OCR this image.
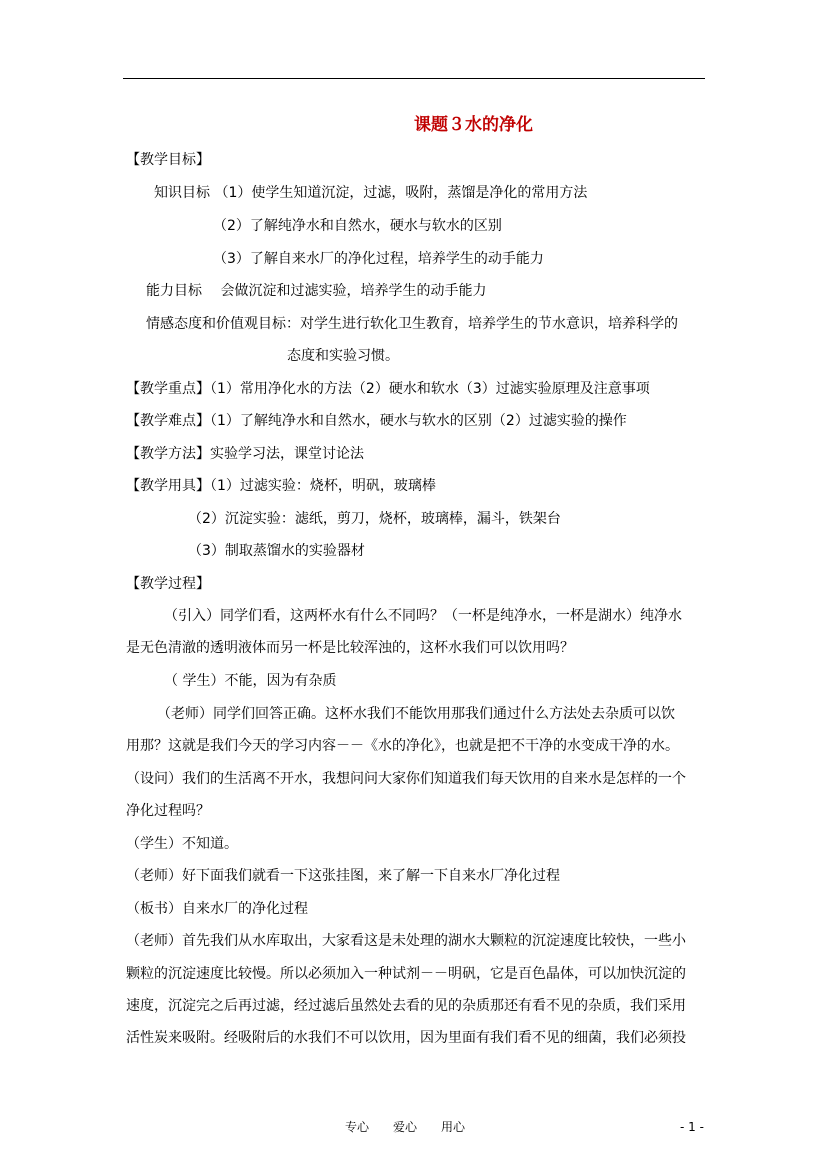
课题３水的净化
【教学目标】
知识目标 （1）使学生知道沉淀，过滤，吸附，蒸馏是净化的常用方法
（2）了解纯净水和自然水，硬水与软水的区别
（3）了解自来水厂的净化过程，培养学生的动手能力
能力目标　 会做沉淀和过滤实验，培养学生的动手能力
情感态度和价值观目标：对学生进行软化卫生教育，培养学生的节水意识，培养科学的
态度和实验习惯。
【教学重点】（1）常用净化水的方法（2）硬水和软水（3）过滤实验原理及注意事项
【教学难点】（1）了解纯净水和自然水，硬水与软水的区别（2）过滤实验的操作
【教学方法】实验学习法，课堂讨论法
【教学用具】（1）过滤实验：烧杯，明矾，玻璃棒
（2）沉淀实验：滤纸，剪刀，烧杯，玻璃棒，漏斗，铁架台
（3）制取蒸馏水的实验器材
【教学过程】
（引入）同学们看，这两杯水有什么不同吗？（一杯是纯净水，一杯是湖水）纯净水
是无色清澈的透明液体而另一杯是比较浑浊的，这杯水我们可以饮用吗？
（ 学生）不能，因为有杂质
（老师）同学们回答正确。这杯水我们不能饮用那我们通过什么方法处去杂质可以饮
用那？这就是我们今天的学习内容－－《水的净化》，也就是把不干净的水变成干净的水。
（设问）我们的生活离不开水，我想问问大家你们知道我们每天饮用的自来水是怎样的一个
净化过程吗？
（学生）不知道。
（老师）好下面我们就看一下这张挂图，来了解一下自来水厂净化过程
（板书）自来水厂的净化过程
（老师）首先我们从水库取出，大家看这是未处理的湖水大颗粒的沉淀速度比较快，一些小
颗粒的沉淀速度比较慢。所以必须加入一种试剂－－明矾，它是百色晶体，可以加快沉淀的
速度，沉淀完之后再过滤，经过滤后虽然处去看的见的杂质那还有看不见的杂质，我们采用
活性炭来吸附。经吸附后的水我们不可以饮用，因为里面有我们看不见的细菌，我们必须投
专心　　爱心　　用心	- 1 -
